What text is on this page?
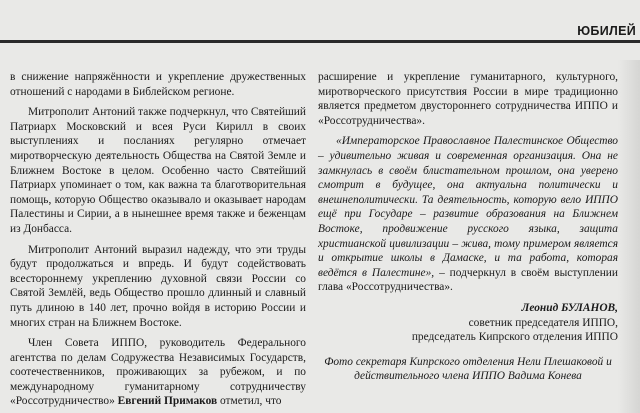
ЮБИЛЕЙ

в снижение напряжённости и укрепление дружественных отношений с народами в Библейском регионе.

Митрополит Антоний также подчеркнул, что Святейший Патриарх Московский и всея Руси Кирилл в своих выступлениях и посланиях регулярно отмечает миротворческую деятельность Общества на Святой Земле и Ближнем Востоке в целом. Особенно часто Святейший Патриарх упоминает о том, как важна та благотворительная помощь, которую Общество оказывало и оказывает народам Палестины и Сирии, а в нынешнее время также и беженцам из Донбасса.

Митрополит Антоний выразил надежду, что эти труды будут продолжаться и впредь. И будут содействовать всестороннему укреплению духовной связи России со Святой Землёй, ведь Общество прошло длинный и славный путь длиною в 140 лет, прочно войдя в историю России и многих стран на Ближнем Востоке.

Член Совета ИППО, руководитель Федерального агентства по делам Содружества Независимых Государств, соотечественников, проживающих за рубежом, и по международному гуманитарному сотрудничеству «Россотрудничество» Евгений Примаков отметил, что

расширение и укрепление гуманитарного, культурного, миротворческого присутствия России в мире традиционно является предметом двустороннего сотрудничества ИППО и «Россотрудничества».

«Императорское Православное Палестинское Общество – удивительно живая и современная организация. Она не замкнулась в своём блистательном прошлом, она уверено смотрит в будущее, она актуальна политически и внешнеполитически. Та деятельность, которую вело ИППО ещё при Государе – развитие образования на Ближнем Востоке, продвижение русского языка, защита христианской цивилизации – жива, тому примером является и открытие школы в Дамаске, и та работа, которая ведётся в Палестине», – подчеркнул в своём выступлении глава «Россотрудничества».

Леонид БУЛАНОВ,
советник председателя ИППО,
председатель Кипрского отделения ИППО
Фото секретаря Кипрского отделения Нели Плешаковой и действительного члена ИППО Вадима Конева
